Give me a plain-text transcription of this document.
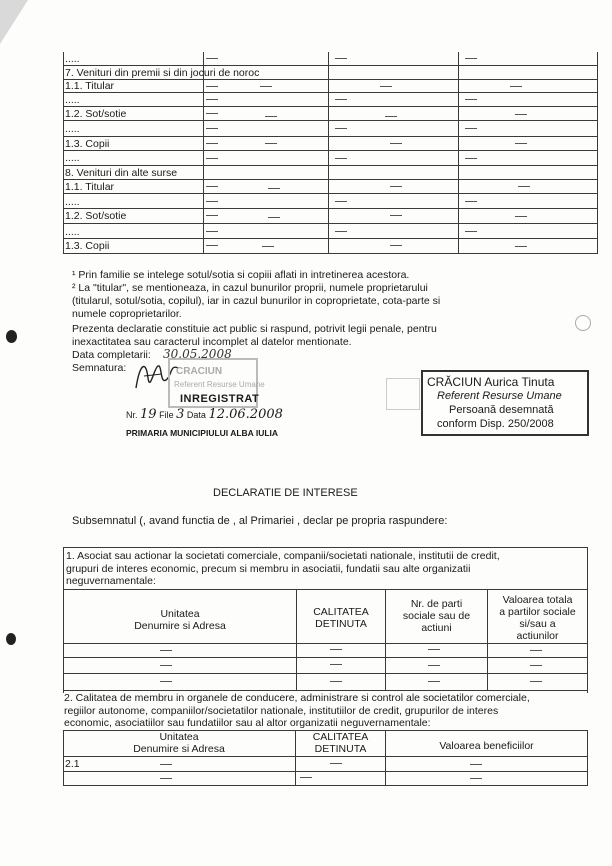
.....
7. Venituri din premii si din jocuri de noroc
1.1. Titular
.....
1.2. Sot/sotie
.....
1.3. Copii
.....
8. Venituri din alte surse
1.1. Titular
.....
1.2. Sot/sotie
.....
1.3. Copii
¹ Prin familie se intelege sotul/sotia si copiii aflati in intretinerea acestora.
² La "titular", se mentioneaza, in cazul bunurilor proprii, numele proprietarului
(titularul, sotul/sotia, copilul), iar in cazul bunurilor in coproprietate, cota-parte si
numele coproprietarilor.
Prezenta declaratie constituie act public si raspund, potrivit legii penale, pentru
inexactitatea sau caracterul incomplet al datelor mentionate.
Data completarii: 30.05.2008
Semnatura:	CRACIUN
Referent Resurse Umane
INREGISTRAT
Nr. 19 File 3 Data 12.06.2008
PRIMARIA MUNICIPIULUI ALBA IULIA
CRĂCIUN Aurica Tinuta
Referent Resurse Umane
Persoană desemnată
conform Disp. 250/2008
DECLARATIE DE INTERESE
Subsemnatul (, avand functia de , al Primariei , declar pe propria raspundere:
1. Asociat sau actionar la societati comerciale, companii/societati nationale, institutii de credit,
grupuri de interes economic, precum si membru in asociatii, fundatii sau alte organizatii
neguvernamentale:
Unitatea
Denumire si Adresa
CALITATEA
DETINUTA
Nr. de parti
sociale sau de
actiuni
Valoarea totala
a partilor sociale
si/sau a
actiunilor
2. Calitatea de membru in organele de conducere, administrare si control ale societatilor comerciale,
regiilor autonome, companiilor/societatilor nationale, institutiilor de credit, grupurilor de interes
economic, asociatiilor sau fundatiilor sau al altor organizatii neguvernamentale:
Unitatea
Denumire si Adresa
CALITATEA
DETINUTA	Valoarea beneficiilor
2.1
